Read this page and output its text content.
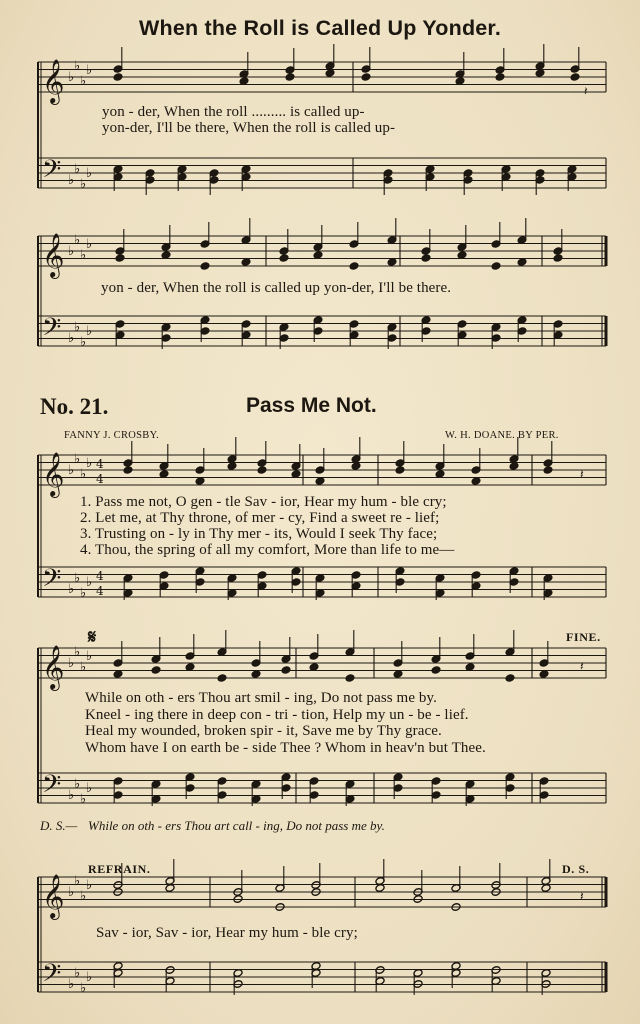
When the Roll is Called Up Yonder.
yon - der, When the roll ......... is called up-
yon-der, I'll be there, When the roll is called up-
yon - der, When the roll is called up yon-der, I'll be there.
No. 21.	Pass Me Not.
FANNY J. CROSBY.	W. H. DOANE. BY PER.
1. Pass me not, O gen - tle Sav - ior, Hear my hum - ble cry;
2. Let me, at Thy throne, of mer - cy, Find a sweet re - lief;
3. Trusting on - ly in Thy mer - its, Would I seek Thy face;
4. Thou, the spring of all my comfort, More than life to me—
𝄋	FINE.
While on oth - ers Thou art smil - ing, Do not pass me by.
Kneel - ing there in deep con - tri - tion, Help my un - be - lief.
Heal my wounded, broken spir - it, Save me by Thy grace.
Whom have I on earth be - side Thee ? Whom in heav'n but Thee.
D. S.— While on oth - ers Thou art call - ing, Do not pass me by.
REFRAIN.	D. S.
Sav - ior, Sav - ior, Hear my hum - ble cry;
𝄞
𝄢
♭
♭
♭
♭
♭
♭
♭
♭
𝄞
𝄢
♭
♭
♭
♭
♭
♭
♭
♭
𝄞
𝄢
♭
♭
♭
♭
♭
♭
♭
♭
4
4
4
4
𝄞
𝄢
♭
♭
♭
♭
♭
♭
♭
♭
𝄞
𝄢
♭
♭
♭
♭
♭
♭
♭
♭
𝄽
𝄽
𝄽
𝄽
